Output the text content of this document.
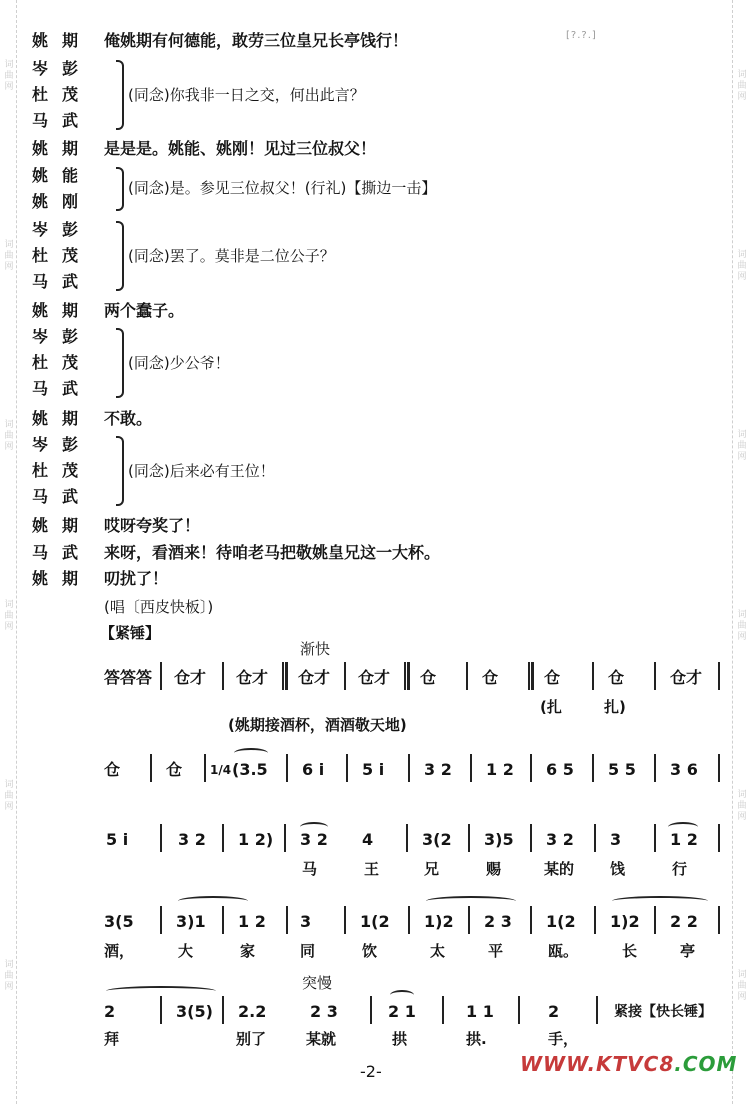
词曲网
词曲网
词曲网
词曲网
词曲网
词曲网
词曲网
词曲网
词曲网
词曲网
词曲网
词曲网
[?.?.]
姚期 俺姚期有何德能，敢劳三位皇兄长亭饯行！
岑彭
杜茂
马武
(同念)你我非一日之交，何出此言？
姚期 是是是。姚能、姚刚！见过三位叔父！
姚能
姚刚
(同念)是。参见三位叔父！(行礼)【撕边一击】
岑彭
杜茂
马武
(同念)罢了。莫非是二位公子？
姚期 两个蠢子。
岑彭
杜茂
马武
(同念)少公爷！
姚期 不敢。
岑彭
杜茂
马武
(同念)后来必有王位！
姚期 哎呀夸奖了！
马武 来呀，看酒来！待咱老马把敬姚皇兄这一大杯。
姚期 叨扰了！
(唱〔西皮快板〕)
【紧锤】
渐快
答答答 仓才 仓才 仓才 仓才 仓	仓	仓	仓	仓才
(扎	扎)
(姚期接酒杯，酒酒敬天地)
仓	仓 1/4 (3.5 6 i 5 i 3 2 1 2 6 5 5 5 3 6
5 i	3 2 1 2) 3 2 4	3(2 3)5 3 2 3	1 2
马	王	兄	赐	某的 饯	行
3(5	3)1 1 2 3	1(2 1)2 2 3 1(2 1)2 2 2
酒，	大	家	同	饮	太	平	瓯。	长	亭
突慢
2	3(5) 2.2	2 3	2 1	1 1	2	紧接【快长锤】
拜	别了	某就	拱	拱.	手，
-2-	WWW.KTVC8.COM
